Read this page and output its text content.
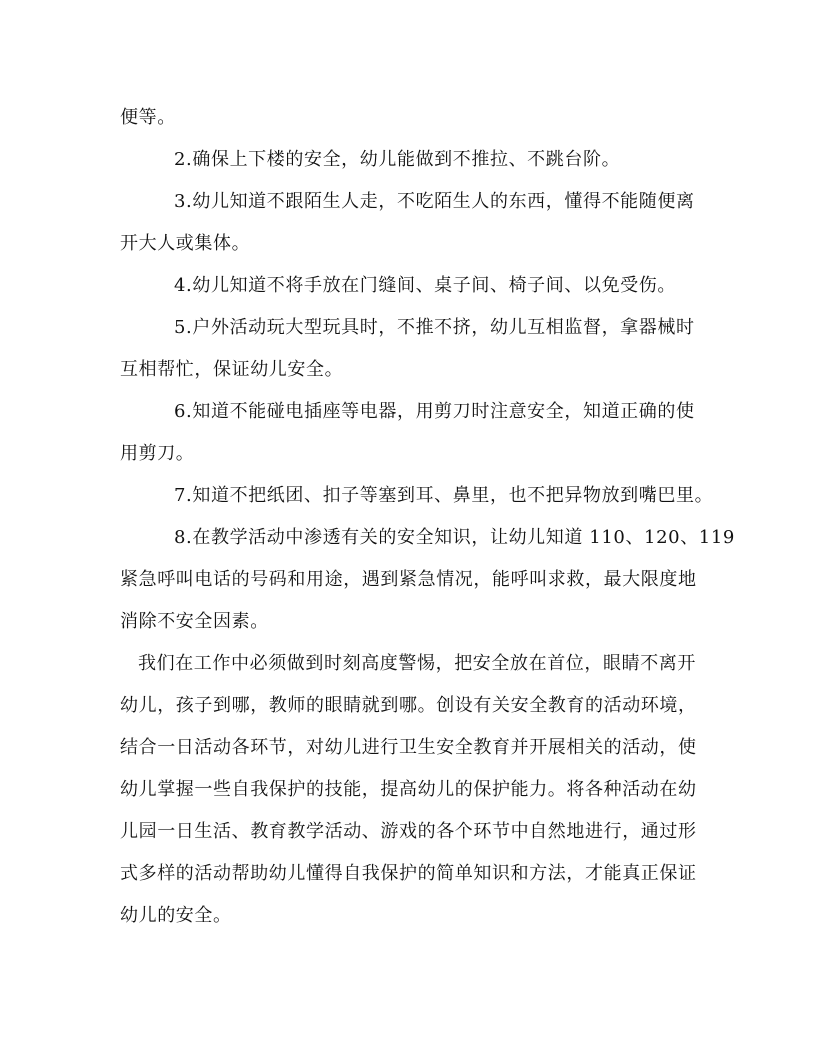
便等。
2.确保上下楼的安全，幼儿能做到不推拉、不跳台阶。
3.幼儿知道不跟陌生人走，不吃陌生人的东西，懂得不能随便离
开大人或集体。
4.幼儿知道不将手放在门缝间、桌子间、椅子间、以免受伤。
5.户外活动玩大型玩具时，不推不挤，幼儿互相监督，拿器械时
互相帮忙，保证幼儿安全。
6.知道不能碰电插座等电器，用剪刀时注意安全，知道正确的使
用剪刀。
7.知道不把纸团、扣子等塞到耳、鼻里，也不把异物放到嘴巴里。
8.在教学活动中渗透有关的安全知识，让幼儿知道 110、120、119
紧急呼叫电话的号码和用途，遇到紧急情况，能呼叫求救，最大限度地
消除不安全因素。
我们在工作中必须做到时刻高度警惕，把安全放在首位，眼睛不离开
幼儿，孩子到哪，教师的眼睛就到哪。创设有关安全教育的活动环境，
结合一日活动各环节，对幼儿进行卫生安全教育并开展相关的活动，使
幼儿掌握一些自我保护的技能，提高幼儿的保护能力。将各种活动在幼
儿园一日生活、教育教学活动、游戏的各个环节中自然地进行，通过形
式多样的活动帮助幼儿懂得自我保护的简单知识和方法，才能真正保证
幼儿的安全。
